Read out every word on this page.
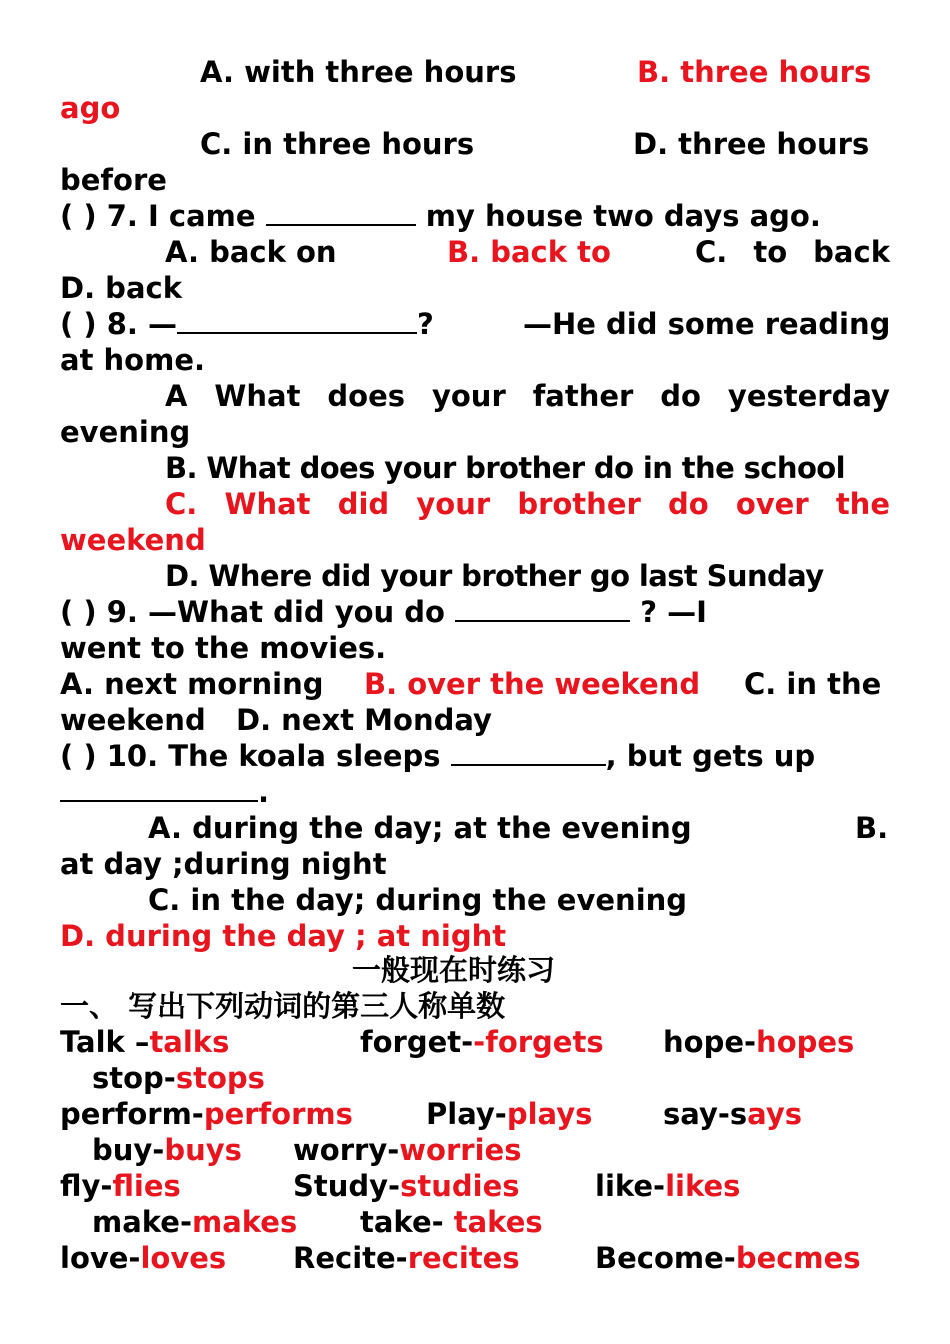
A. with three hours	B. three hours
ago
C. in three hours	D. three hours
before
( ) 7. I came	my house two days ago.
A. back on	B. back to	C. to back
D. back
( ) 8. —	?	—He did some reading
at home.
A What does your father do yesterday
evening
B. What does your brother do in the school
C. What did your brother do over the
weekend
D. Where did your brother go last Sunday
( ) 9. —What did you do	? —I
went to the movies.
A. next morning B. over the weekend C. in the
weekend D. next Monday
( ) 10. The koala sleeps	, but gets up
.
A. during the day; at the evening	B.
at day ;during night
C. in the day; during the evening
D. during the day ; at night
一般现在时练习
一、 写出下列动词的第三人称单数
Talk –talks	forget--forgets hope-hopes
stop-stops
perform-performs	Play-plays say-says
buy-buys worry-worries
fly-flies	Study-studies	like-likes
make-makes take- takes
love-loves Recite-recites	Become-becmes
